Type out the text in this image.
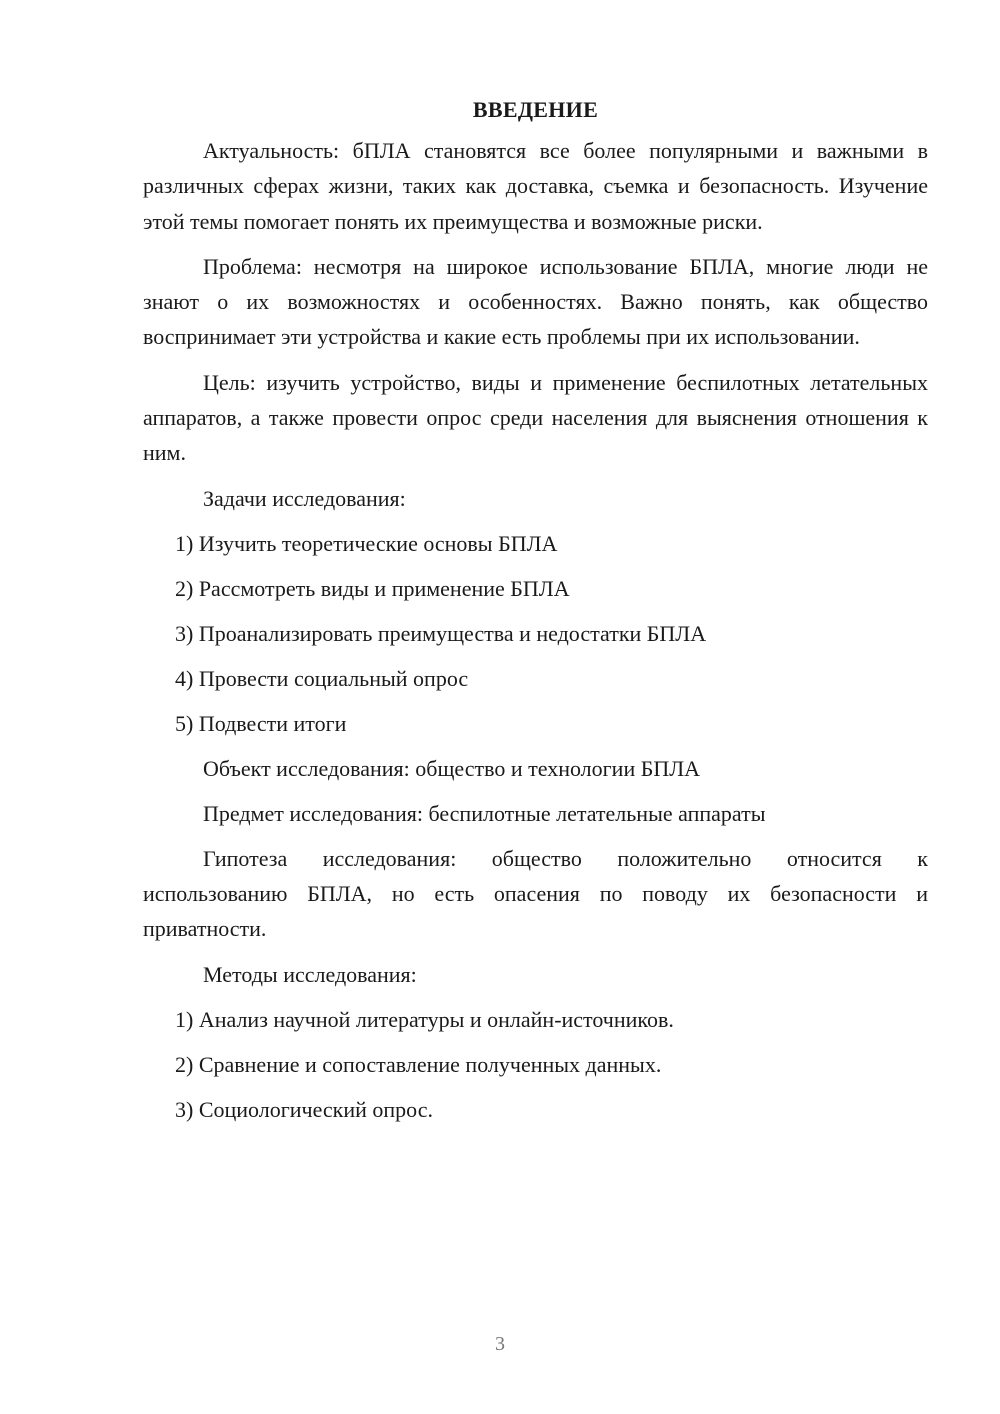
ВВЕДЕНИЕ

Актуальность: бПЛА становятся все более популярными и важными в различных сферах жизни, таких как доставка, съемка и безопасность. Изучение этой темы помогает понять их преимущества и возможные риски.

Проблема: несмотря на широкое использование БПЛА, многие люди не знают о их возможностях и особенностях. Важно понять, как общество воспринимает эти устройства и какие есть проблемы при их использовании.

Цель: изучить устройство, виды и применение беспилотных летательных аппаратов, а также провести опрос среди населения для выяснения отношения к ним.

Задачи исследования:
1) Изучить теоретические основы БПЛА
2) Рассмотреть виды и применение БПЛА
3) Проанализировать преимущества и недостатки БПЛА
4) Провести социальный опрос
5) Подвести итоги
Объект исследования: общество и технологии БПЛА
Предмет исследования: беспилотные летательные аппараты

Гипотеза исследования: общество положительно относится к использованию БПЛА, но есть опасения по поводу их безопасности и приватности.

Методы исследования:
1) Анализ научной литературы и онлайн-источников.
2) Сравнение и сопоставление полученных данных.
3) Социологический опрос.
3
